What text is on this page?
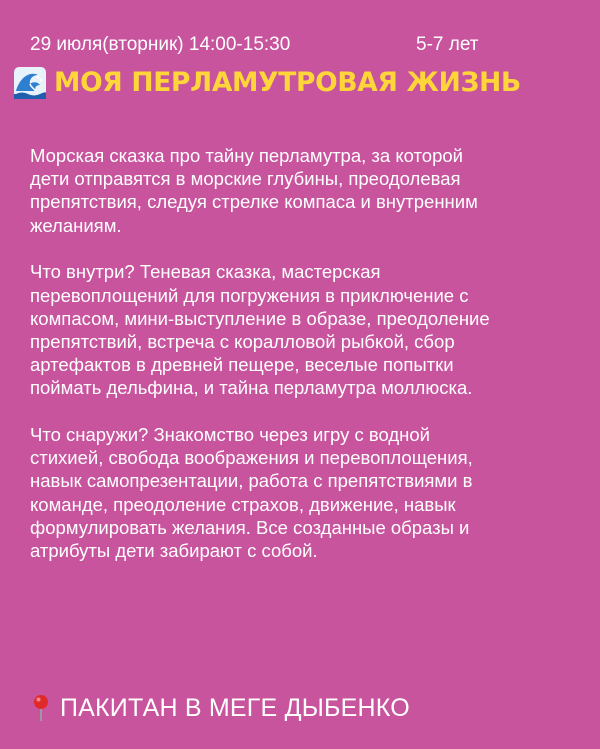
29 июля(вторник) 14:00-15:30	5-7 лет
МОЯ ПЕРЛАМУТРОВАЯ ЖИЗНЬ
Морская сказка про тайну перламутра, за которой
дети отправятся в морские глубины, преодолевая
препятствия, следуя стрелке компаса и внутренним
желаниям.
Что внутри? Теневая сказка, мастерская
перевоплощений для погружения в приключение с
компасом, мини-выступление в образе, преодоление
препятствий, встреча с коралловой рыбкой, сбор
артефактов в древней пещере, веселые попытки
поймать дельфина, и тайна перламутра моллюска.
Что снаружи? Знакомство через игру с водной
стихией, свобода воображения и перевоплощения,
навык самопрезентации, работа с препятствиями в
команде, преодоление страхов, движение, навык
формулировать желания. Все созданные образы и
атрибуты дети забирают с собой.
ПАКИТАН В МЕГЕ ДЫБЕНКО
